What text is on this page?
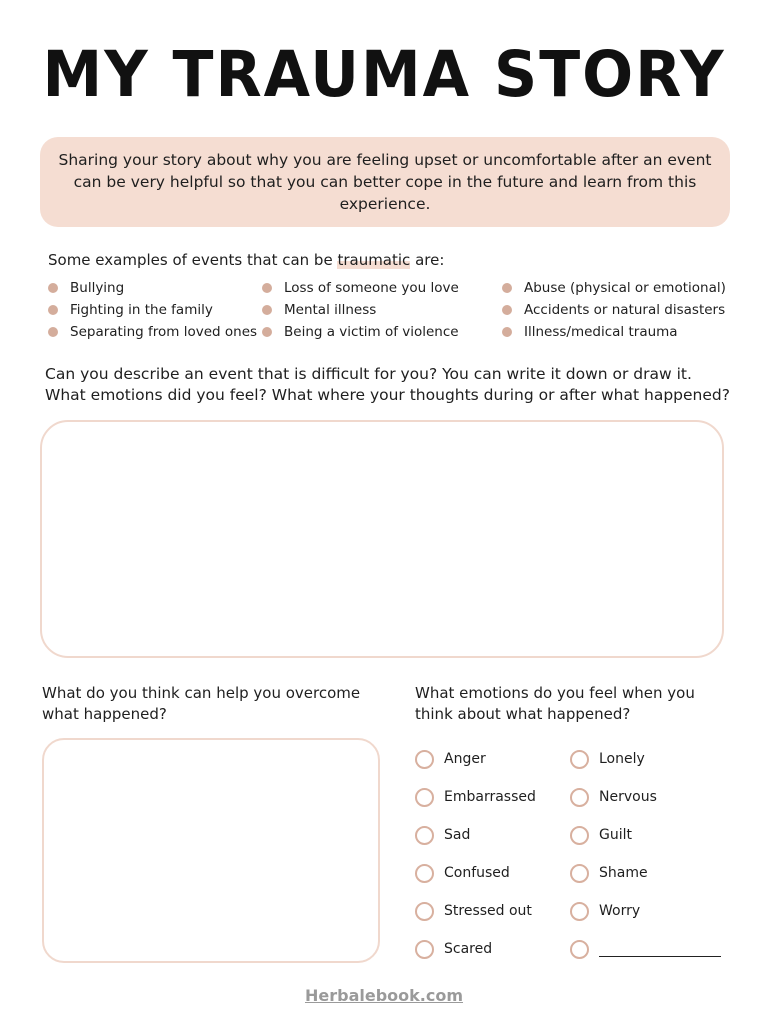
MY TRAUMA STORY

Sharing your story about why you are feeling upset or uncomfortable after an event can be very helpful so that you can better cope in the future and learn from this experience.

Some examples of events that can be traumatic are:
Bullying
Fighting in the family
Separating from loved ones
Loss of someone you love
Mental illness
Being a victim of violence
Abuse (physical or emotional)
Accidents or natural disasters
Illness/medical trauma
Can you describe an event that is difficult for you? You can write it down or draw it.
What emotions did you feel? What where your thoughts during or after what happened?
What do you think can help you overcome what happened?
What emotions do you feel when you think about what happened?
Anger
Embarrassed
Sad
Confused
Stressed out
Scared
Lonely
Nervous
Guilt
Shame
Worry
Herbalebook.com
